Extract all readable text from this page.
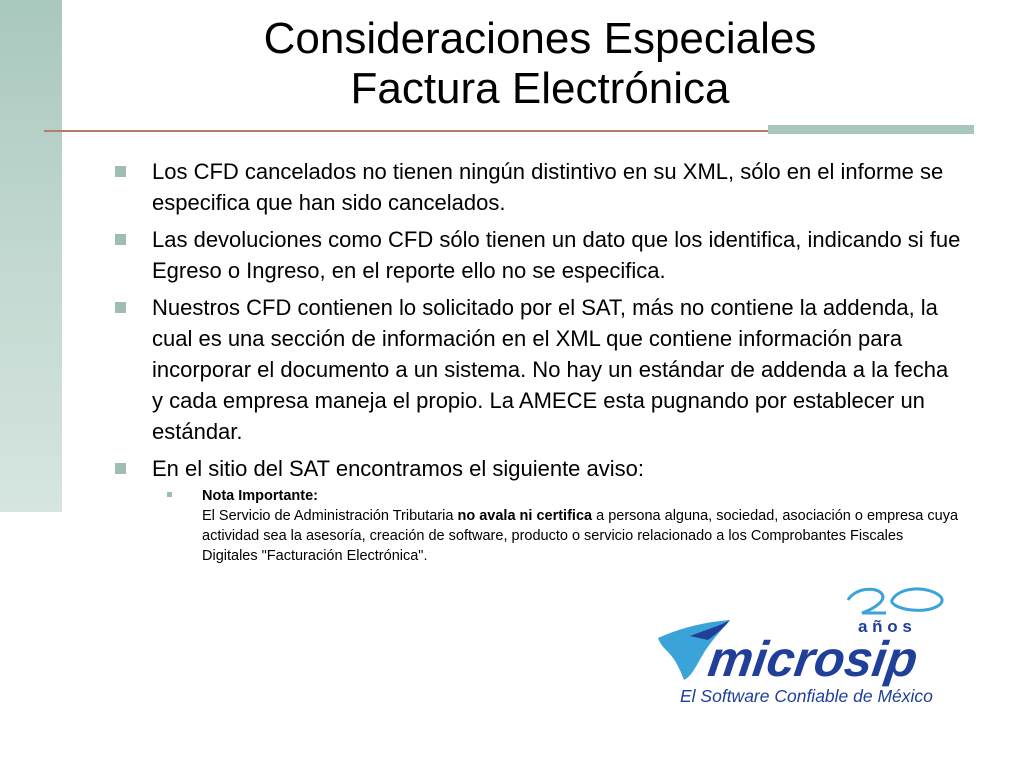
Consideraciones Especiales
Factura Electrónica
Los CFD cancelados no tienen ningún distintivo en su XML, sólo en el informe se especifica que han sido cancelados.
Las devoluciones como CFD sólo tienen un dato que los identifica, indicando si fue Egreso o Ingreso, en el reporte ello no se especifica.
Nuestros CFD contienen lo solicitado por el SAT, más no contiene la addenda, la cual es una sección de información en el XML que contiene información para incorporar el documento a un sistema. No hay un estándar de addenda a la fecha y cada empresa maneja el propio. La AMECE esta pugnando por establecer un estándar.
En el sitio del SAT encontramos el siguiente aviso:
Nota Importante:
El Servicio de Administración Tributaria no avala ni certifica a persona alguna, sociedad, asociación o empresa cuya actividad sea la asesoría, creación de software, producto o servicio relacionado a los Comprobantes Fiscales Digitales "Facturación Electrónica".
a ñ o s
microsip
El Software Confiable de México
